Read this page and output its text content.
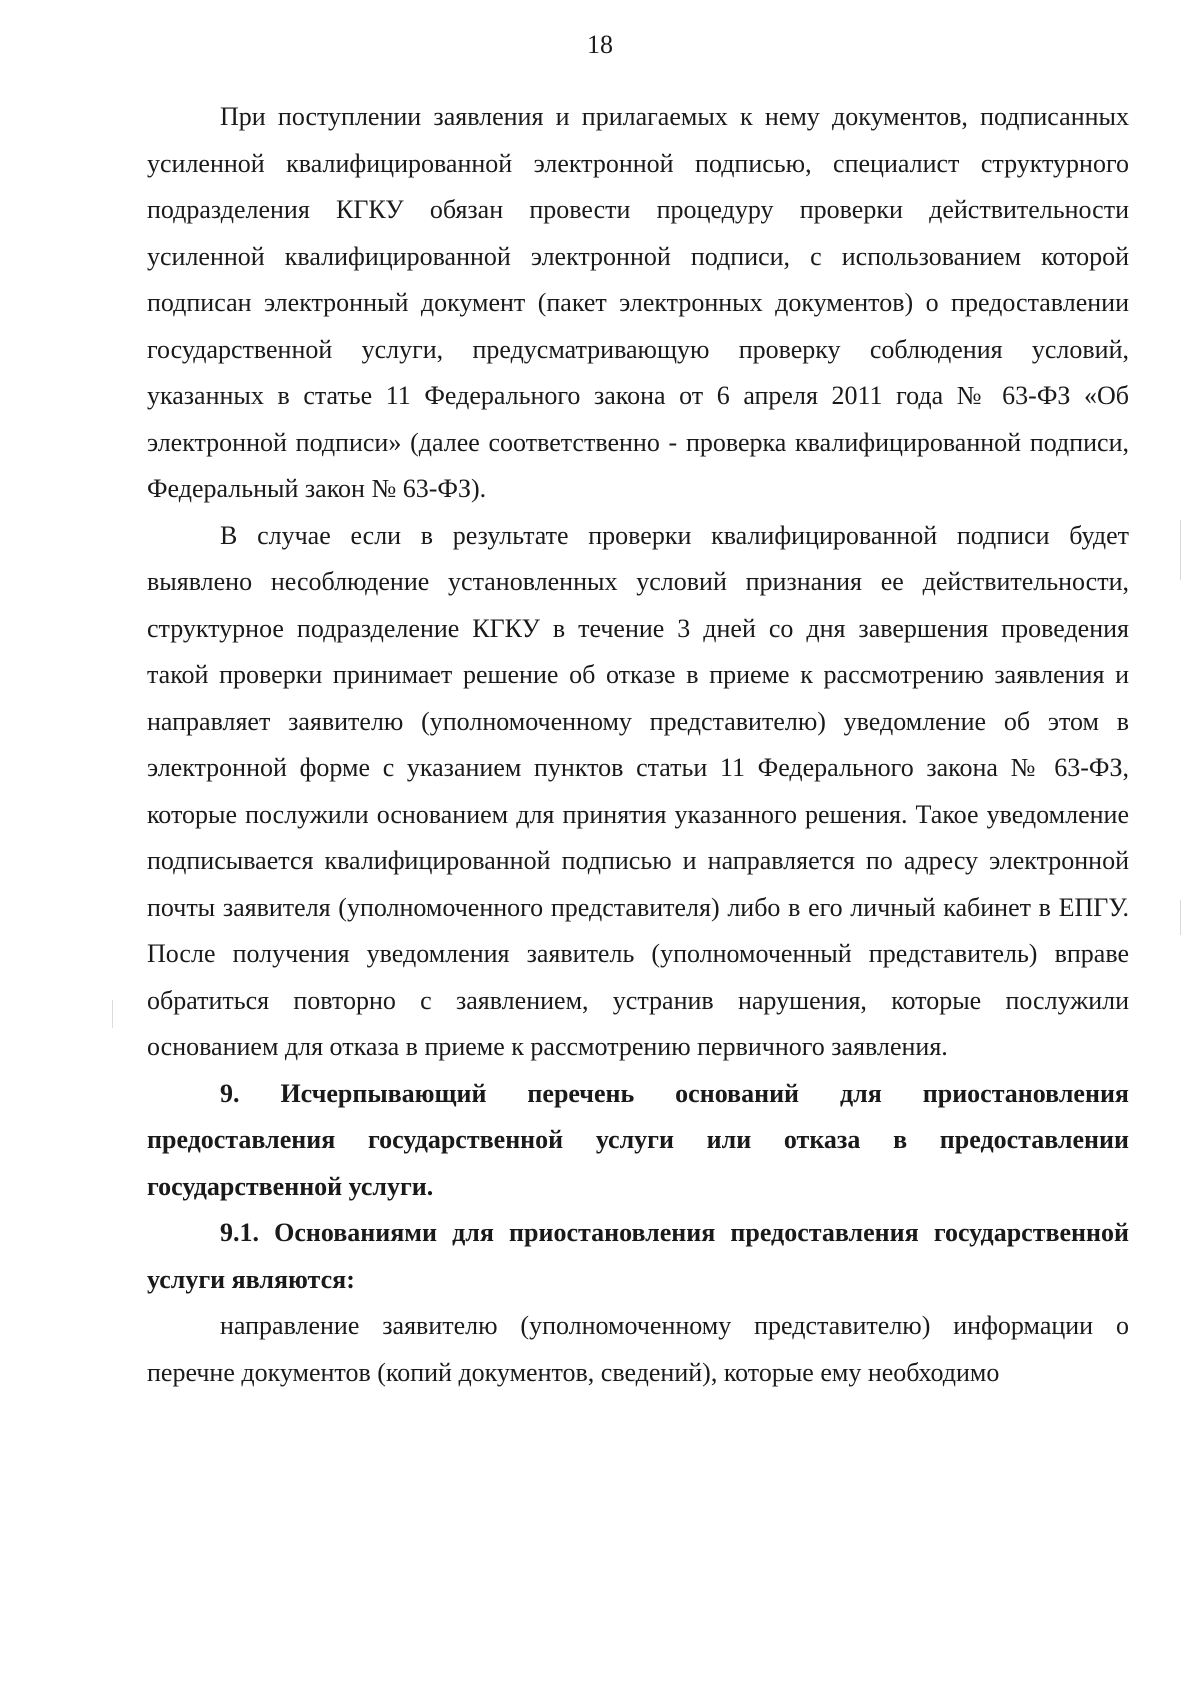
18

При поступлении заявления и прилагаемых к нему документов, подписанных усиленной квалифицированной электронной подписью, специалист структурного подразделения КГКУ обязан провести процедуру проверки действительности усиленной квалифицированной электронной подписи, с использованием которой подписан электронный документ (пакет электронных документов) о предоставлении государственной услуги, предусматривающую проверку соблюдения условий, указанных в статье 11 Федерального закона от 6 апреля 2011 года № 63-ФЗ «Об электронной подписи» (далее соответственно - проверка квалифицированной подписи, Федеральный закон № 63-ФЗ).

В случае если в результате проверки квалифицированной подписи будет выявлено несоблюдение установленных условий признания ее действительности, структурное подразделение КГКУ в течение 3 дней со дня завершения проведения такой проверки принимает решение об отказе в приеме к рассмотрению заявления и направляет заявителю (уполномоченному представителю) уведомление об этом в электронной форме с указанием пунктов статьи 11 Федерального закона № 63-ФЗ, которые послужили основанием для принятия указанного решения. Такое уведомление подписывается квалифицированной подписью и направляется по адресу электронной почты заявителя (уполномоченного представителя) либо в его личный кабинет в ЕПГУ. После получения уведомления заявитель (уполномоченный представитель) вправе обратиться повторно с заявлением, устранив нарушения, которые послужили основанием для отказа в приеме к рассмотрению первичного заявления.

9. Исчерпывающий перечень оснований для приостановления предоставления государственной услуги или отказа в предоставлении государственной услуги.

9.1. Основаниями для приостановления предоставления государственной услуги являются:

направление заявителю (уполномоченному представителю) информации о перечне документов (копий документов, сведений), которые ему необходимо
